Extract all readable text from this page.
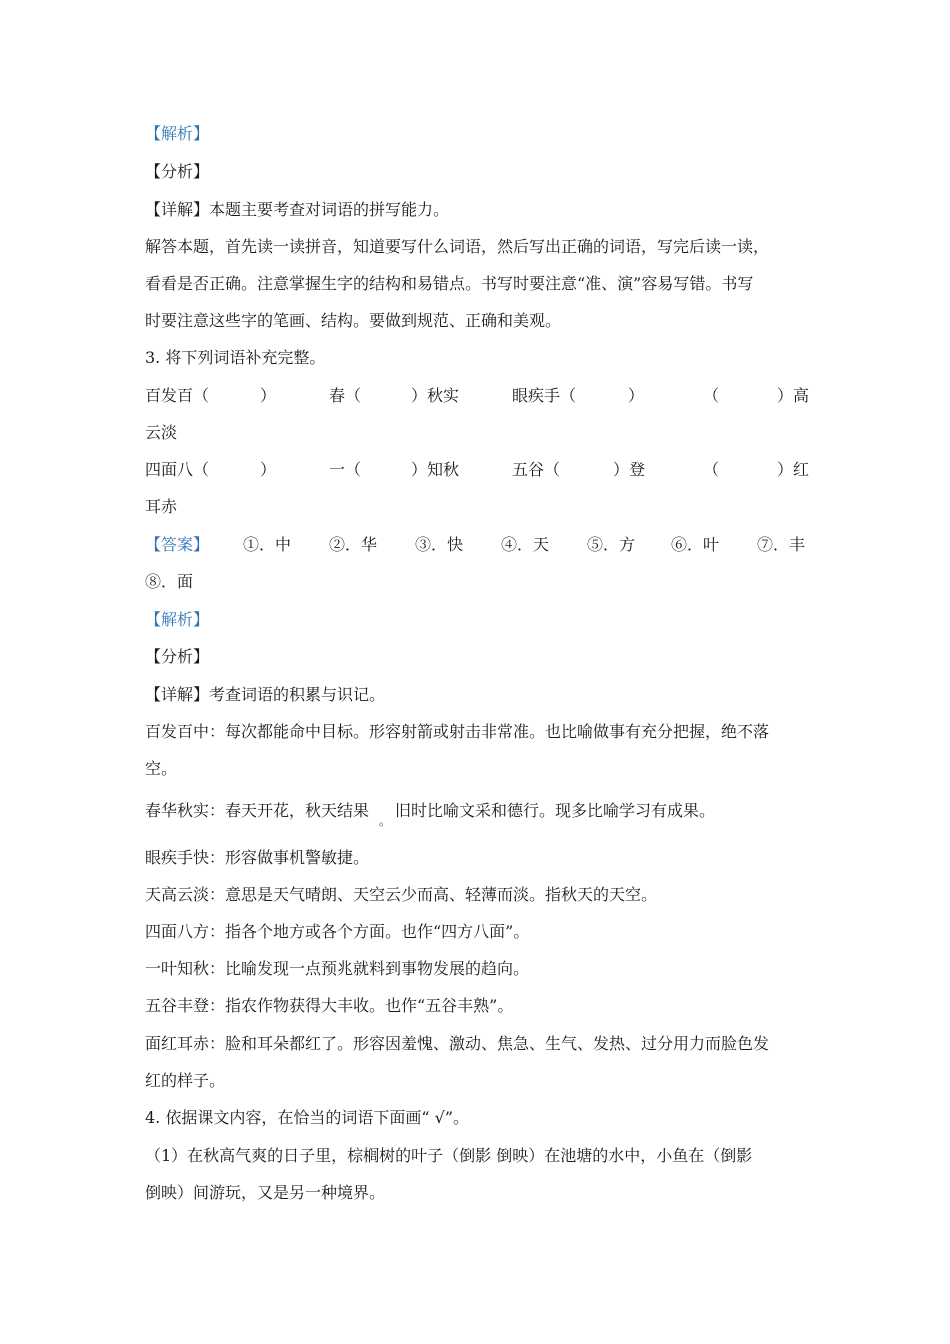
【解析】
【分析】
【详解】本题主要考查对词语的拼写能力。
解答本题，首先读一读拼音，知道要写什么词语，然后写出正确的词语，写完后读一读，
看看是否正确。注意掌握生字的结构和易错点。书写时要注意“准、演”容易写错。书写
时要注意这些字的笔画、结构。要做到规范、正确和美观。
3. 将下列词语补充完整。
百发百（	）	春（	）秋实	眼疾手（	）	（	）高
云淡
四面八（	）	一（	）知秋	五谷（	）登	（	）红
耳赤
【答案】 ①．中 ②．华 ③．快 ④．天 ⑤．方 ⑥．叶 ⑦．丰
⑧．面
【解析】
【分析】
【详解】考查词语的积累与识记。
百发百中：每次都能命中目标。形容射箭或射击非常准。也比喻做事有充分把握，绝不落
空。
春华秋实：春天开花，秋天结果
。
旧时比喻文采和德行。现多比喻学习有成果。
眼疾手快：形容做事机警敏捷。
天高云淡：意思是天气晴朗、天空云少而高、轻薄而淡。指秋天的天空。
四面八方：指各个地方或各个方面。也作“四方八面”。
一叶知秋：比喻发现一点预兆就料到事物发展的趋向。
五谷丰登：指农作物获得大丰收。也作“五谷丰熟”。
面红耳赤：脸和耳朵都红了。形容因羞愧、激动、焦急、生气、发热、过分用力而脸色发
红的样子。
4. 依据课文内容，在恰当的词语下面画“ √”。
（1）在秋高气爽的日子里，棕榈树的叶子（倒影 倒映）在池塘的水中，小鱼在（倒影
倒映）间游玩，又是另一种境界。
